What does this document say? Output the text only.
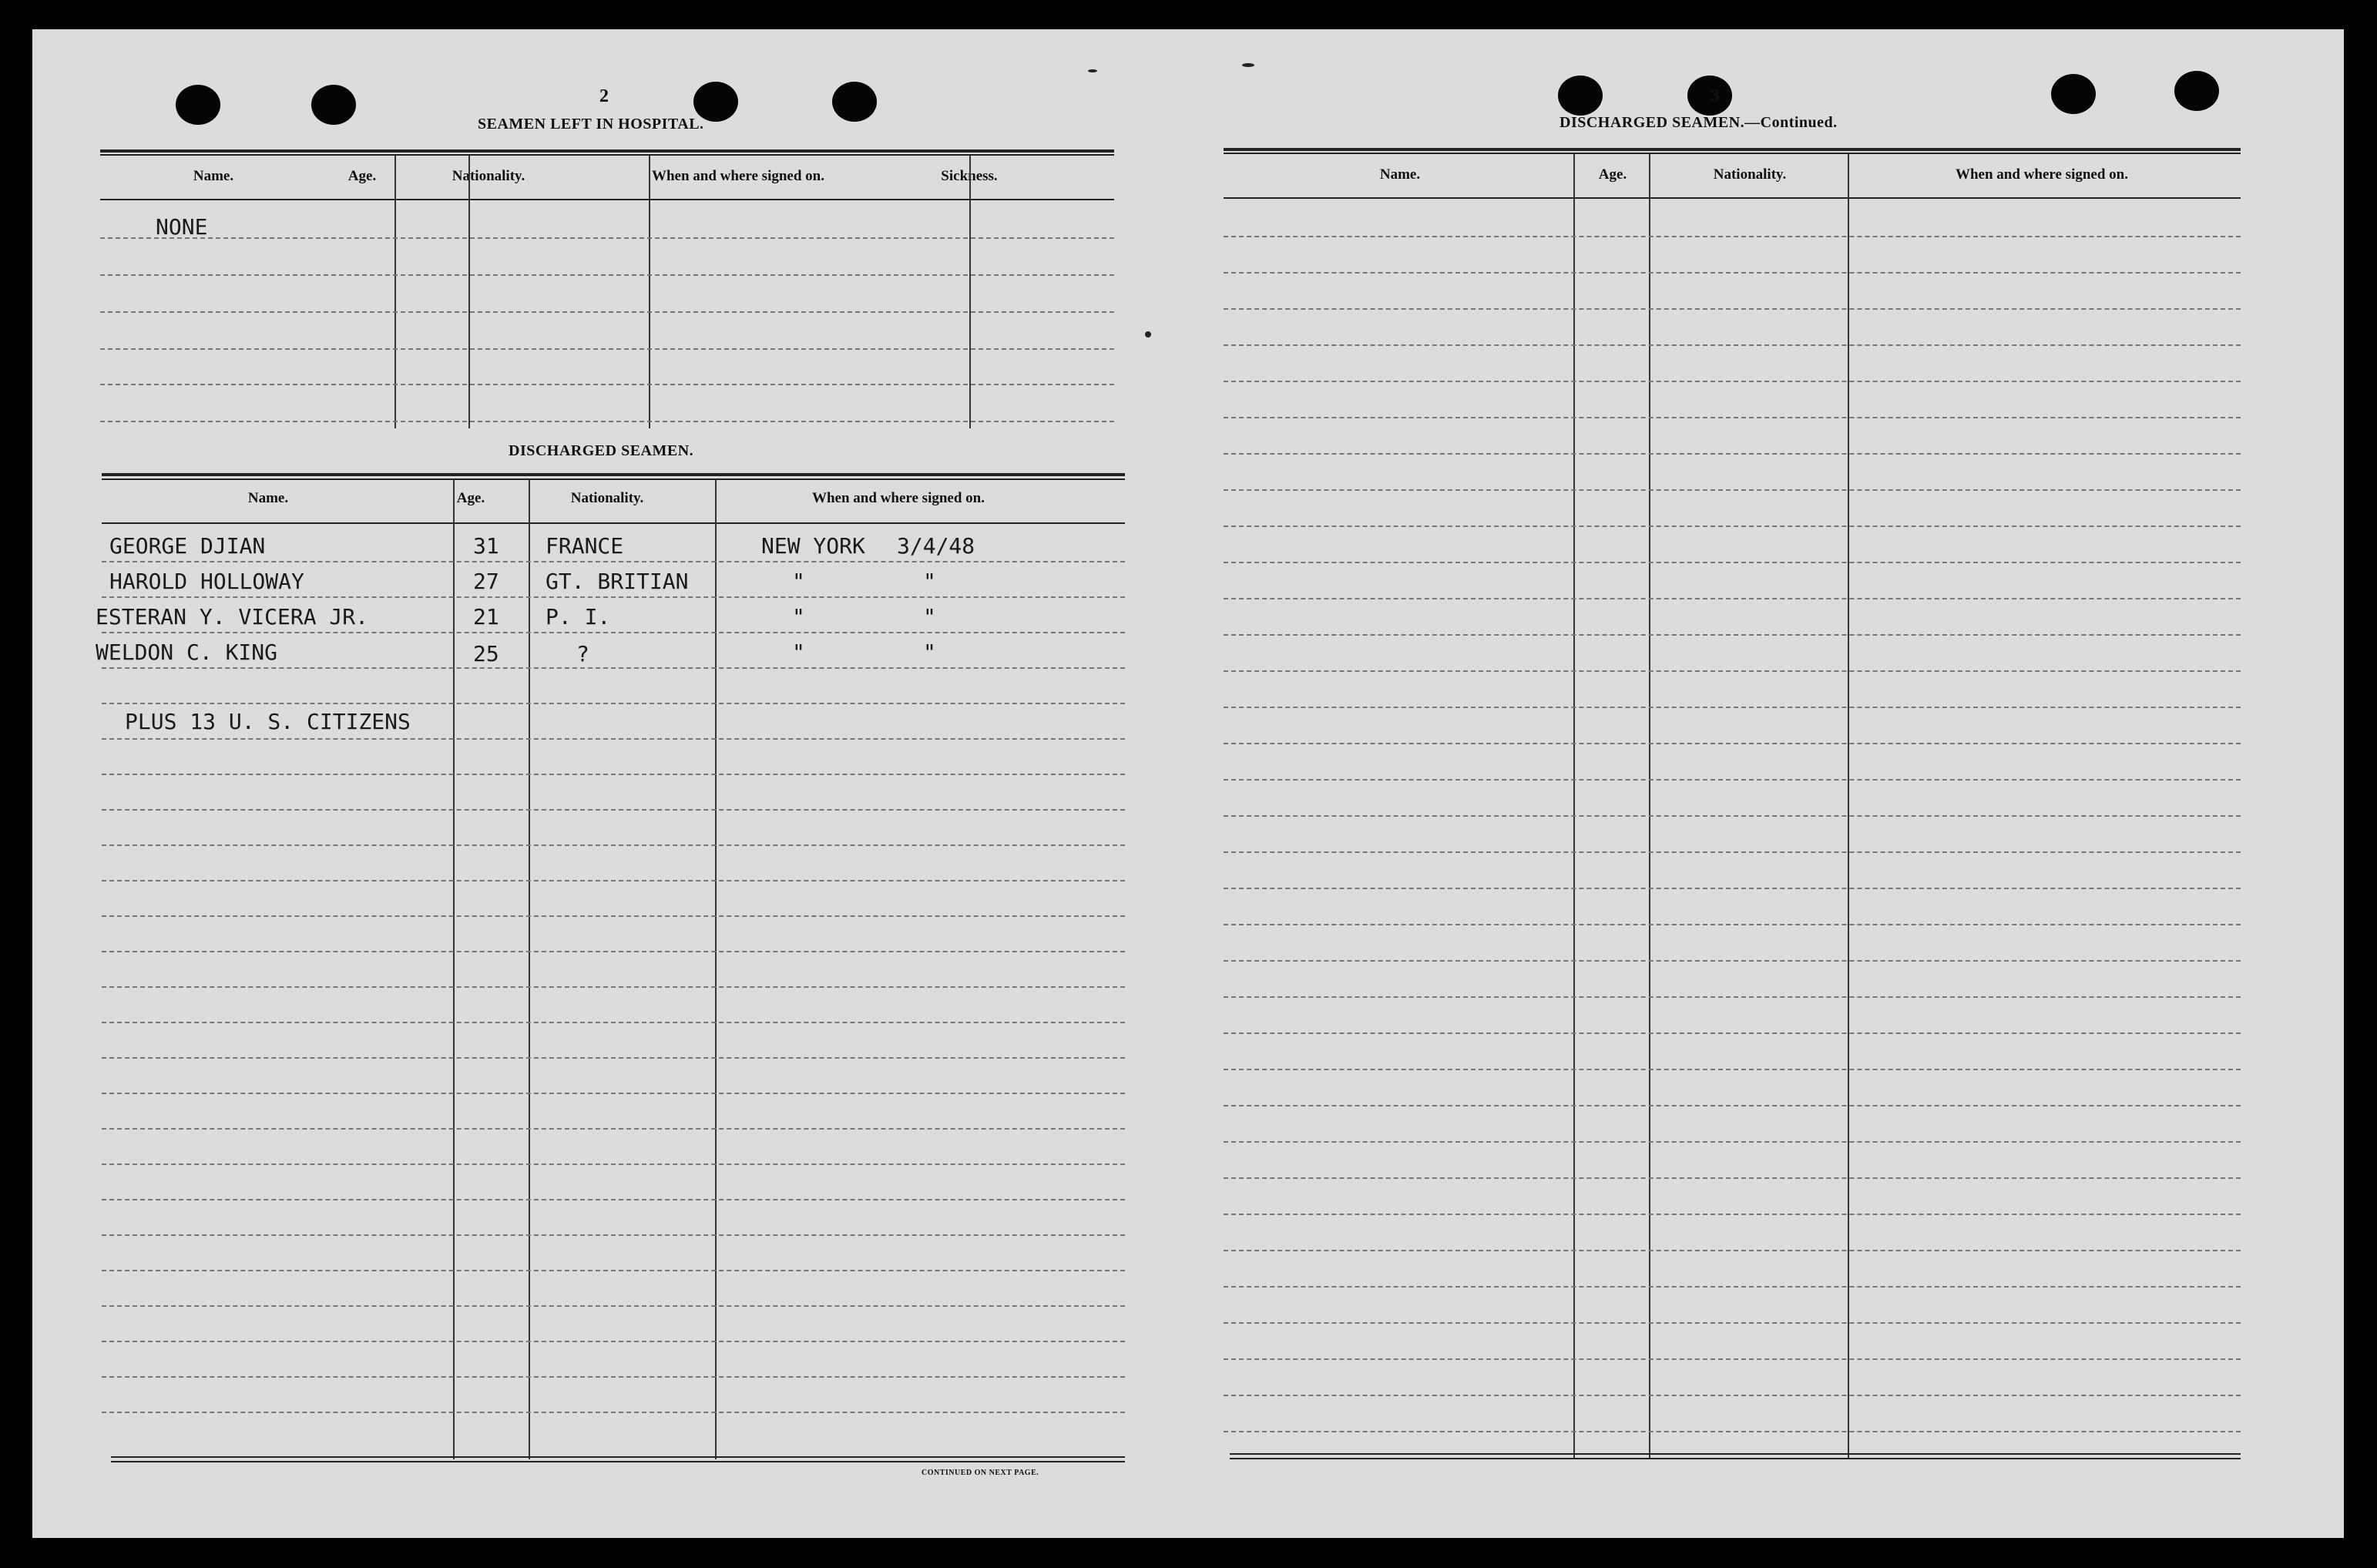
2
SEAMEN LEFT IN HOSPITAL.
Name.	Age.	Nationality.	When and where signed on.	Sickness.
NONE
DISCHARGED SEAMEN.
Name.	Age.	Nationality.	When and where signed on.
GEORGE DJIAN	31 FRANCE	NEW YORK 3/4/48
HAROLD HOLLOWAY	27 GT. BRITIAN	"	"
ESTERAN Y. VICERA JR.	21 P. I.	"	"
WELDON C. KING	25	?	"	"
PLUS 13 U. S. CITIZENS
CONTINUED ON NEXT PAGE.
3
DISCHARGED SEAMEN.—Continued.
Name.	Age.	Nationality.	When and where signed on.
